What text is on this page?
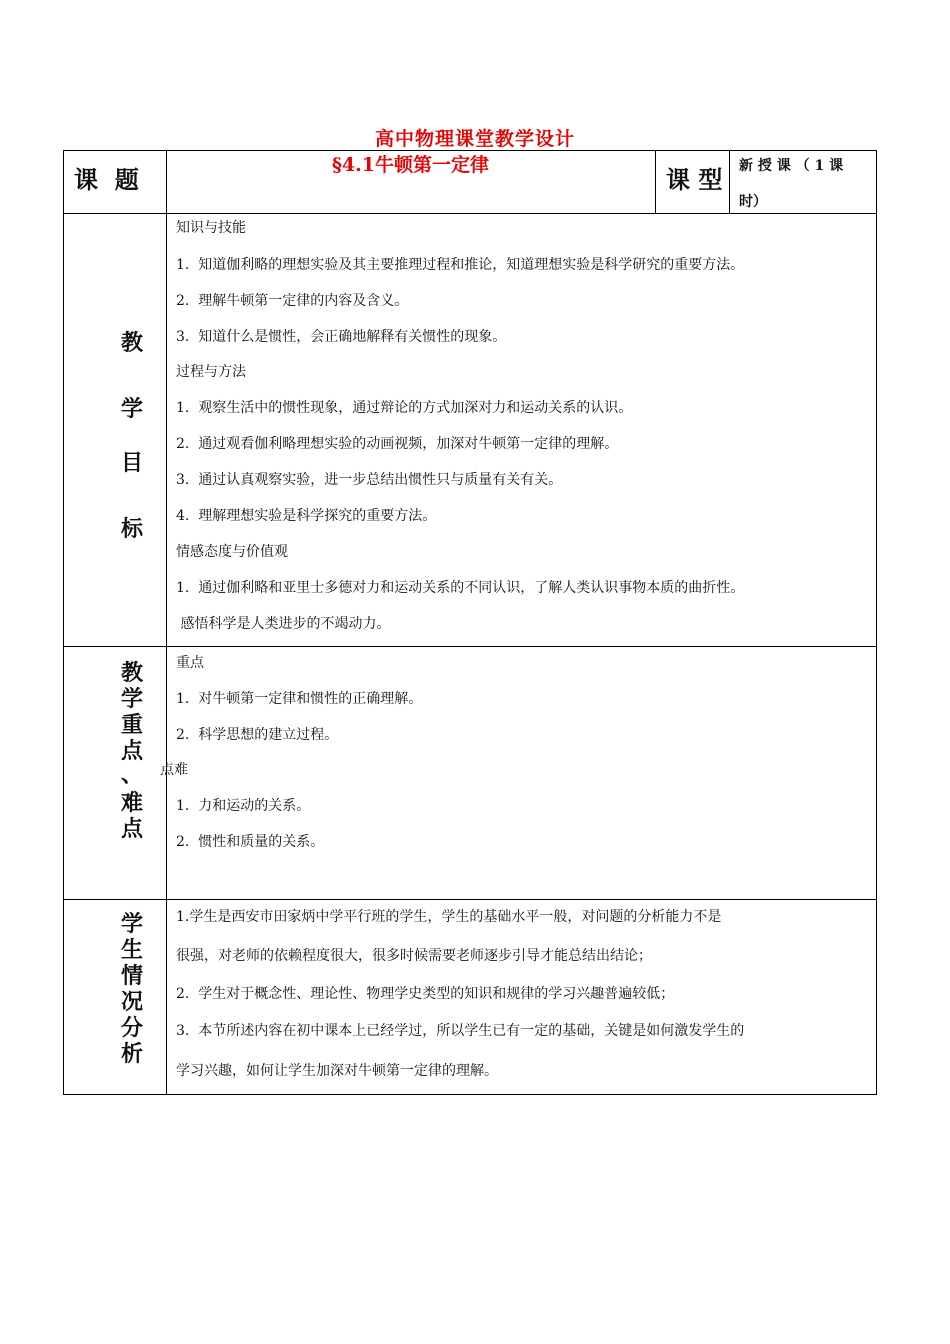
高中物理课堂教学设计
课  题
§4.1牛顿第一定律
课 型 新 授 课 （ 1 课
时）
教
学
目
标
知识与技能
1.  知道伽利略的理想实验及其主要推理过程和推论，知道理想实验是科学研究的重要方法。
2.  理解牛顿第一定律的内容及含义。
3.  知道什么是惯性，会正确地解释有关惯性的现象。
过程与方法
1.  观察生活中的惯性现象，通过辩论的方式加深对力和运动关系的认识。
2.  通过观看伽利略理想实验的动画视频，加深对牛顿第一定律的理解。
3.  通过认真观察实验，进一步总结出惯性只与质量有关有关。
4.  理解理想实验是科学探究的重要方法。
情感态度与价值观
1.  通过伽利略和亚里士多德对力和运动关系的不同认识，了解人类认识事物本质的曲折性。
感悟科学是人类进步的不竭动力。
教
学
重
点
、
难
点
重点
1.  对牛顿第一定律和惯性的正确理解。
2.  科学思想的建立过程。
点难
1.  力和运动的关系。
2.  惯性和质量的关系。
学
生
情
况
分
析
1.学生是西安市田家炳中学平行班的学生，学生的基础水平一般，对问题的分析能力不是
很强，对老师的依赖程度很大，很多时候需要老师逐步引导才能总结出结论；
2.  学生对于概念性、理论性、物理学史类型的知识和规律的学习兴趣普遍较低；
3.  本节所述内容在初中课本上已经学过，所以学生已有一定的基础，关键是如何激发学生的
学习兴趣，如何让学生加深对牛顿第一定律的理解。
